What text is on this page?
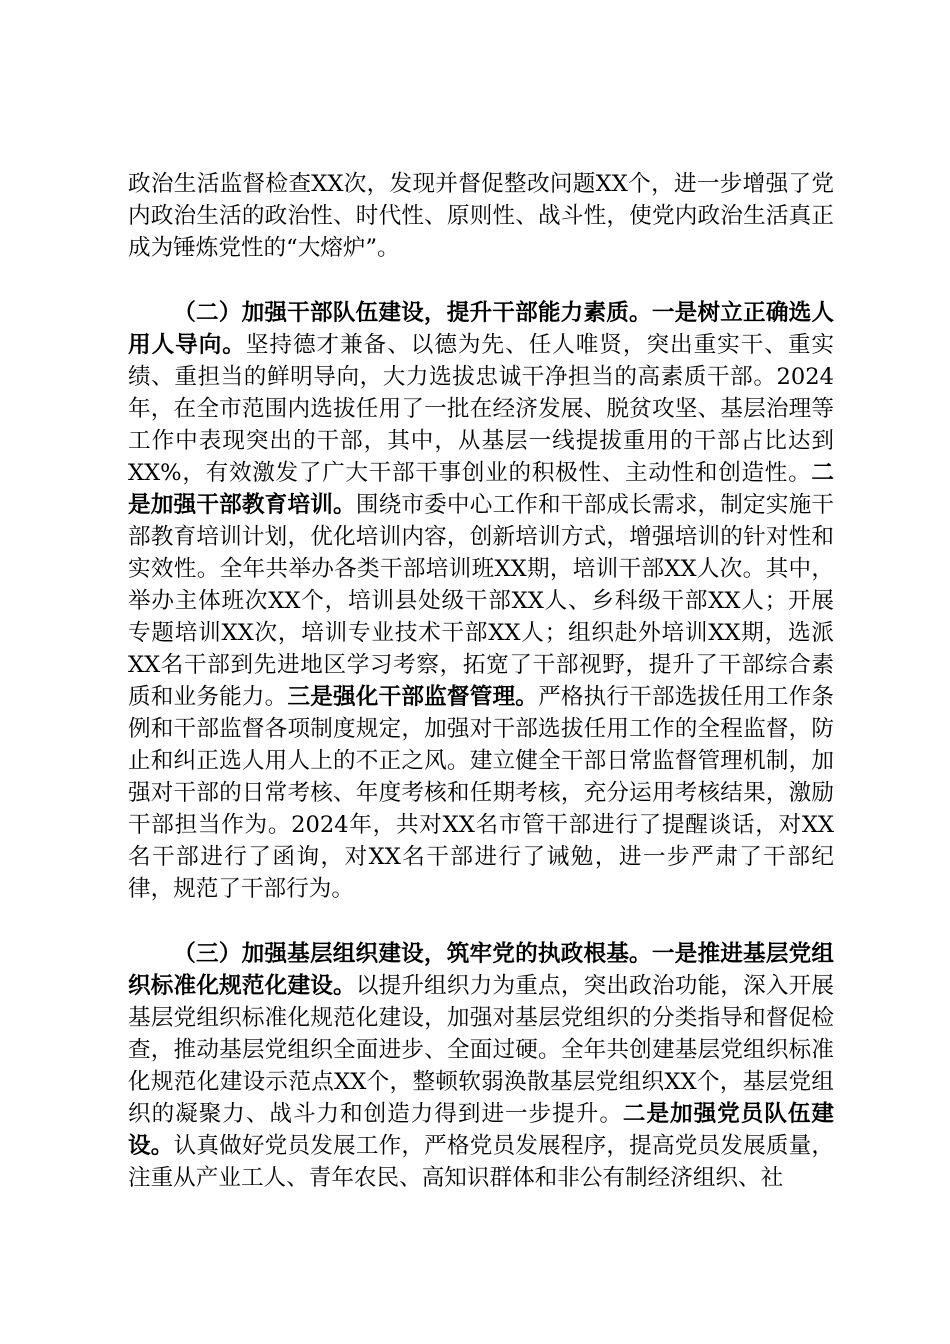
政治生活监督检查XX次，发现并督促整改问题XX个，进一步增强了党内政治生活的政治性、时代性、原则性、战斗性，使党内政治生活真正成为锤炼党性的“大熔炉”。

（二）加强干部队伍建设，提升干部能力素质。一是树立正确选人用人导向。坚持德才兼备、以德为先、任人唯贤，突出重实干、重实绩、重担当的鲜明导向，大力选拔忠诚干净担当的高素质干部。2024年，在全市范围内选拔任用了一批在经济发展、脱贫攻坚、基层治理等工作中表现突出的干部，其中，从基层一线提拔重用的干部占比达到XX%，有效激发了广大干部干事创业的积极性、主动性和创造性。二是加强干部教育培训。围绕市委中心工作和干部成长需求，制定实施干部教育培训计划，优化培训内容，创新培训方式，增强培训的针对性和实效性。全年共举办各类干部培训班XX期，培训干部XX人次。其中，举办主体班次XX个，培训县处级干部XX人、乡科级干部XX人；开展专题培训XX次，培训专业技术干部XX人；组织赴外培训XX期，选派XX名干部到先进地区学习考察，拓宽了干部视野，提升了干部综合素质和业务能力。三是强化干部监督管理。严格执行干部选拔任用工作条例和干部监督各项制度规定，加强对干部选拔任用工作的全程监督，防止和纠正选人用人上的不正之风。建立健全干部日常监督管理机制，加强对干部的日常考核、年度考核和任期考核，充分运用考核结果，激励干部担当作为。2024年，共对XX名市管干部进行了提醒谈话，对XX名干部进行了函询，对XX名干部进行了诫勉，进一步严肃了干部纪律，规范了干部行为。

（三）加强基层组织建设，筑牢党的执政根基。一是推进基层党组织标准化规范化建设。以提升组织力为重点，突出政治功能，深入开展基层党组织标准化规范化建设，加强对基层党组织的分类指导和督促检查，推动基层党组织全面进步、全面过硬。全年共创建基层党组织标准化规范化建设示范点XX个，整顿软弱涣散基层党组织XX个，基层党组织的凝聚力、战斗力和创造力得到进一步提升。二是加强党员队伍建设。认真做好党员发展工作，严格党员发展程序，提高党员发展质量，注重从产业工人、青年农民、高知识群体和非公有制经济组织、社
